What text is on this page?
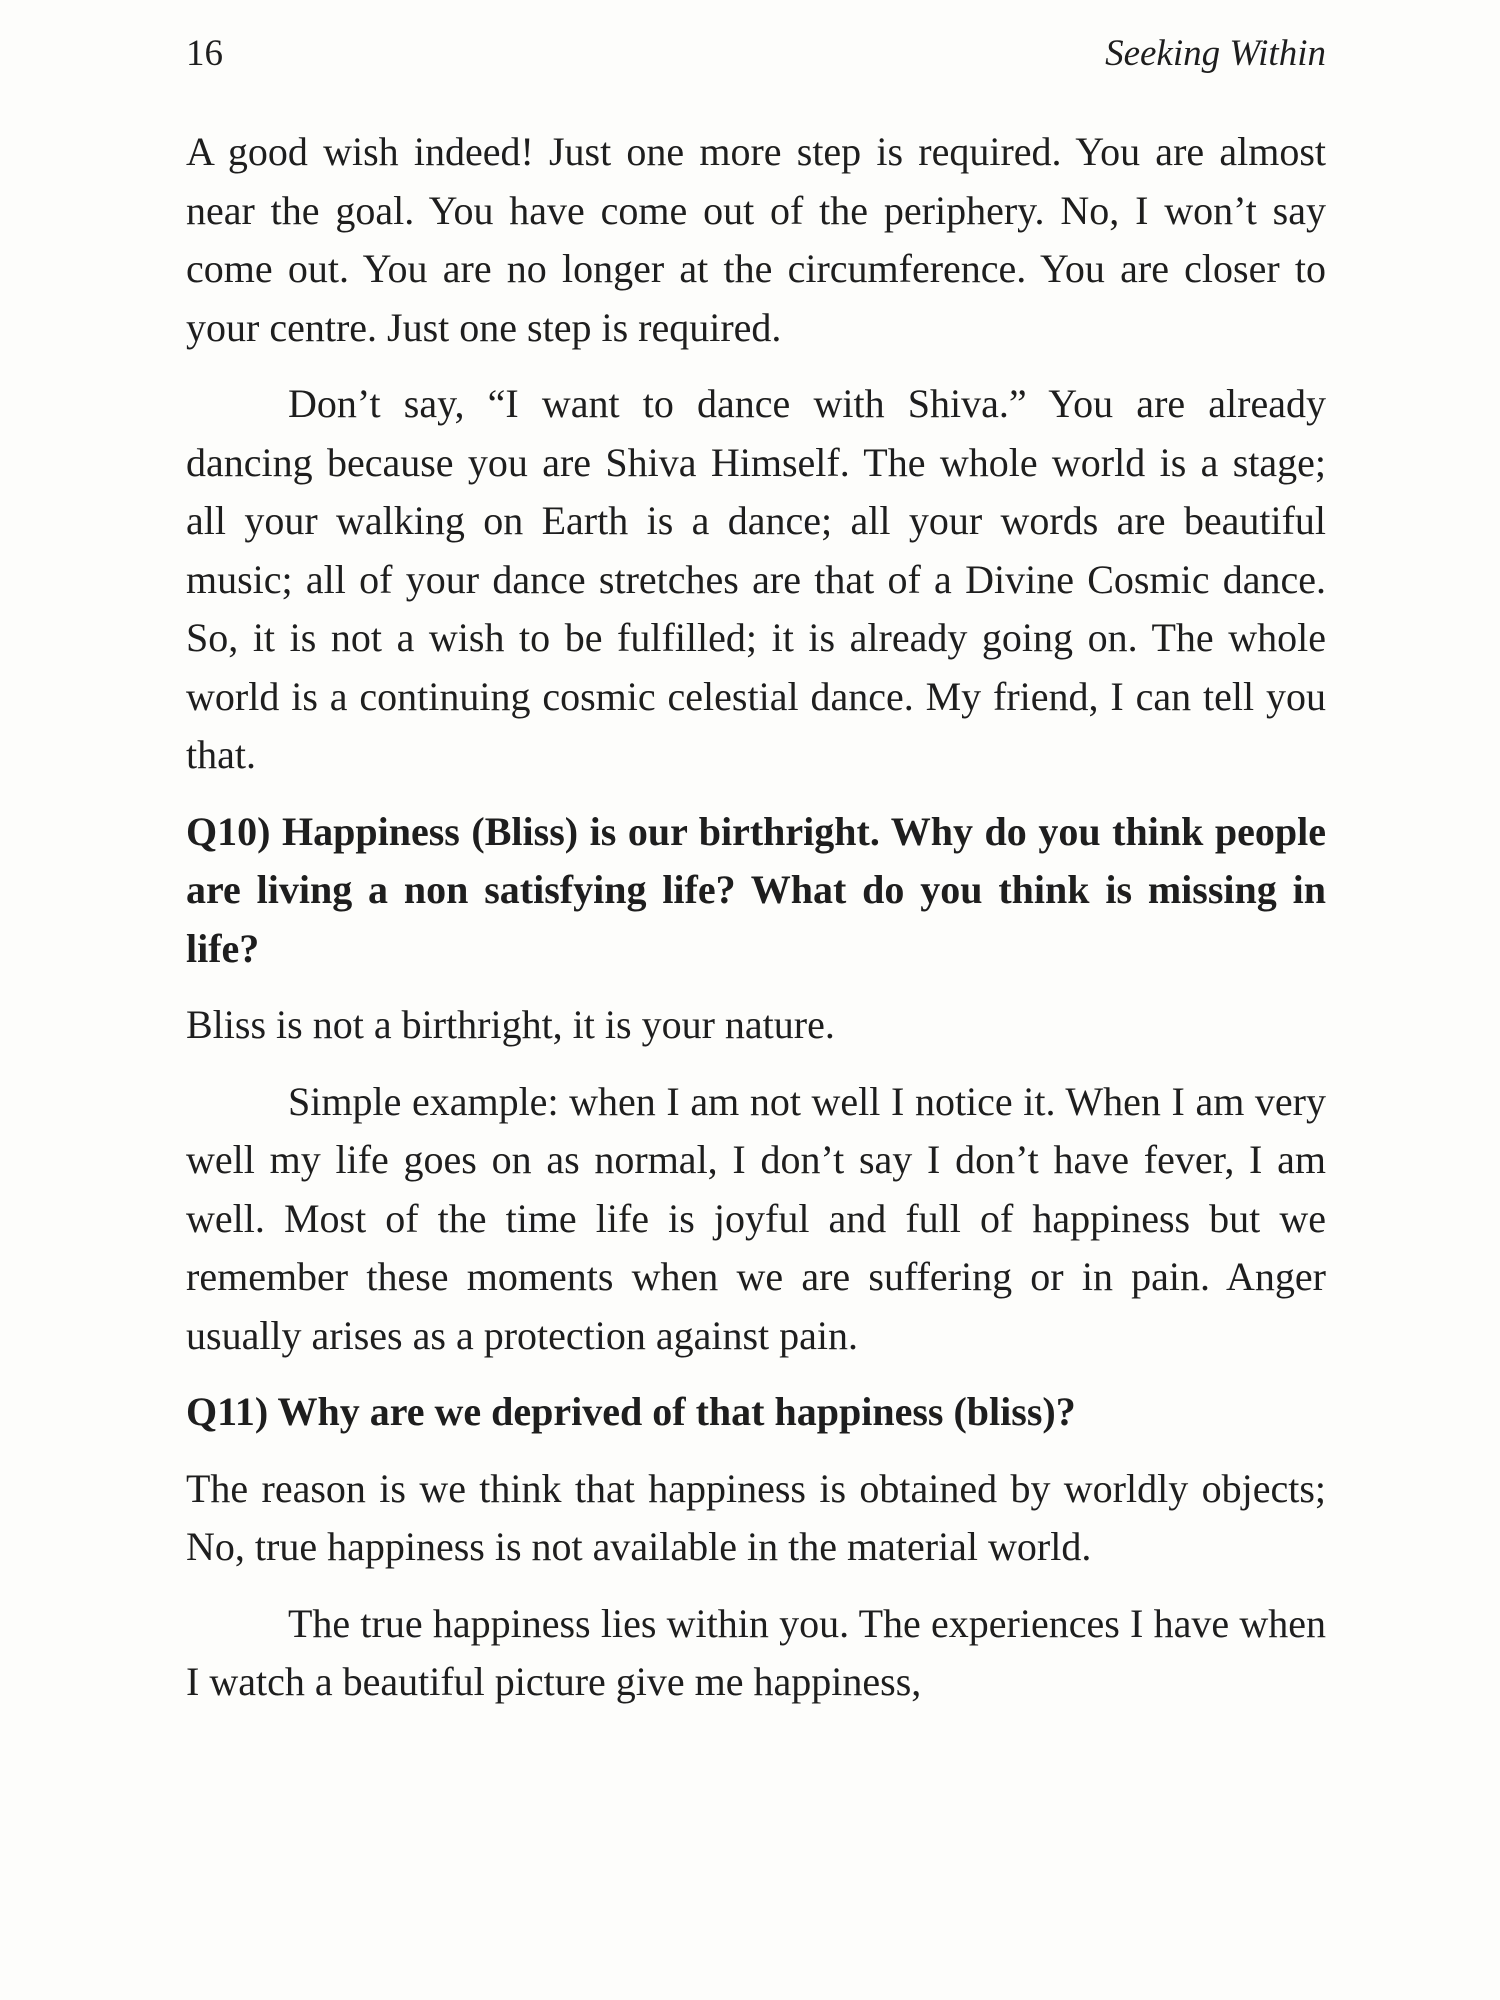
16	Seeking Within

A good wish indeed! Just one more step is required. You are almost near the goal. You have come out of the periphery. No, I won’t say come out. You are no longer at the circumference. You are closer to your centre. Just one step is required.

Don’t say, “I want to dance with Shiva.” You are already dancing because you are Shiva Himself. The whole world is a stage; all your walking on Earth is a dance; all your words are beautiful music; all of your dance stretches are that of a Divine Cosmic dance. So, it is not a wish to be fulfilled; it is already going on. The whole world is a continuing cosmic celestial dance. My friend, I can tell you that.

Q10) Happiness (Bliss) is our birthright. Why do you think people are living a non satisfying life? What do you think is missing in life?

Bliss is not a birthright, it is your nature.

Simple example: when I am not well I notice it. When I am very well my life goes on as normal, I don’t say I don’t have fever, I am well. Most of the time life is joyful and full of happiness but we remember these moments when we are suffering or in pain. Anger usually arises as a protection against pain.

Q11) Why are we deprived of that happiness (bliss)?

The reason is we think that happiness is obtained by worldly objects; No, true happiness is not available in the material world.

The true happiness lies within you. The experiences I have when I watch a beautiful picture give me happiness,
